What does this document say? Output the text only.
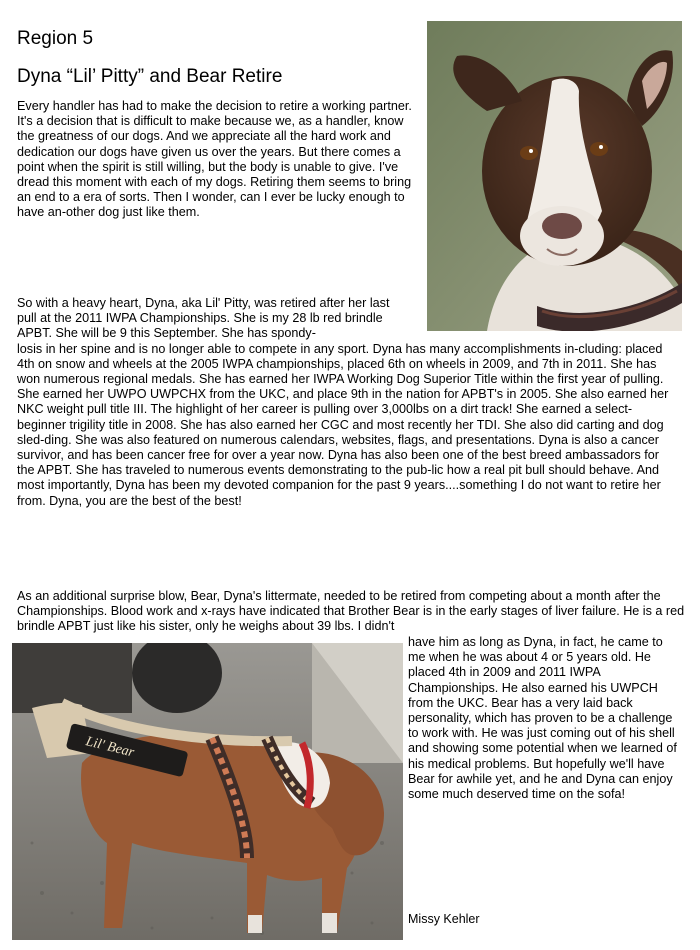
Region 5
Dyna “Lil’ Pitty” and Bear Retire

Every handler has had to make the decision to retire a working partner. It's a decision that is difficult to make because we, as a handler, know the greatness of our dogs. And we appreciate all the hard work and dedication our dogs have given us over the years. But there comes a point when the spirit is still willing, but the body is unable to give. I've dread this moment with each of my dogs. Retiring them seems to bring an end to a era of sorts. Then I wonder, can I ever be lucky enough to have an-other dog just like them.

So with a heavy heart, Dyna, aka Lil' Pitty, was retired after her last pull at the 2011 IWPA Championships. She is my 28 lb red brindle APBT. She will be 9 this September. She has spondy-

losis in her spine and is no longer able to compete in any sport. Dyna has many accomplishments in-cluding: placed 4th on snow and wheels at the 2005 IWPA championships, placed 6th on wheels in 2009, and 7th in 2011. She has won numerous regional medals. She has earned her IWPA Working Dog Superior Title within the first year of pulling. She earned her UWPO UWPCHX from the UKC, and place 9th in the nation for APBT's in 2005. She also earned her NKC weight pull title III. The highlight of her career is pulling over 3,000lbs on a dirt track! She earned a select-beginner trigility title in 2008. She has also earned her CGC and most recently her TDI. She also did carting and dog sled-ding. She was also featured on numerous calendars, websites, flags, and presentations. Dyna is also a cancer survivor, and has been cancer free for over a year now. Dyna has also been one of the best breed ambassadors for the APBT. She has traveled to numerous events demonstrating to the pub-lic how a real pit bull should behave. And most importantly, Dyna has been my devoted companion for the past 9 years....something I do not want to retire her from. Dyna, you are the best of the best!

As an additional surprise blow, Bear, Dyna's littermate, needed to be retired from competing about a month after the Championships. Blood work and x-rays have indicated that Brother Bear is in the early stages of liver failure. He is a red brindle APBT just like his sister, only he weighs about 39 lbs. I didn't

have him as long as Dyna, in fact, he came to me when he was about 4 or 5 years old. He placed 4th in 2009 and 2011 IWPA Championships. He also earned his UWPCH from the UKC. Bear has a very laid back personality, which has proven to be a challenge to work with. He was just coming out of his shell and showing some potential when we learned of his medical problems. But hopefully we'll have Bear for awhile yet, and he and Dyna can enjoy some much deserved time on the sofa!

Missy Kehler
Lil' Bear
